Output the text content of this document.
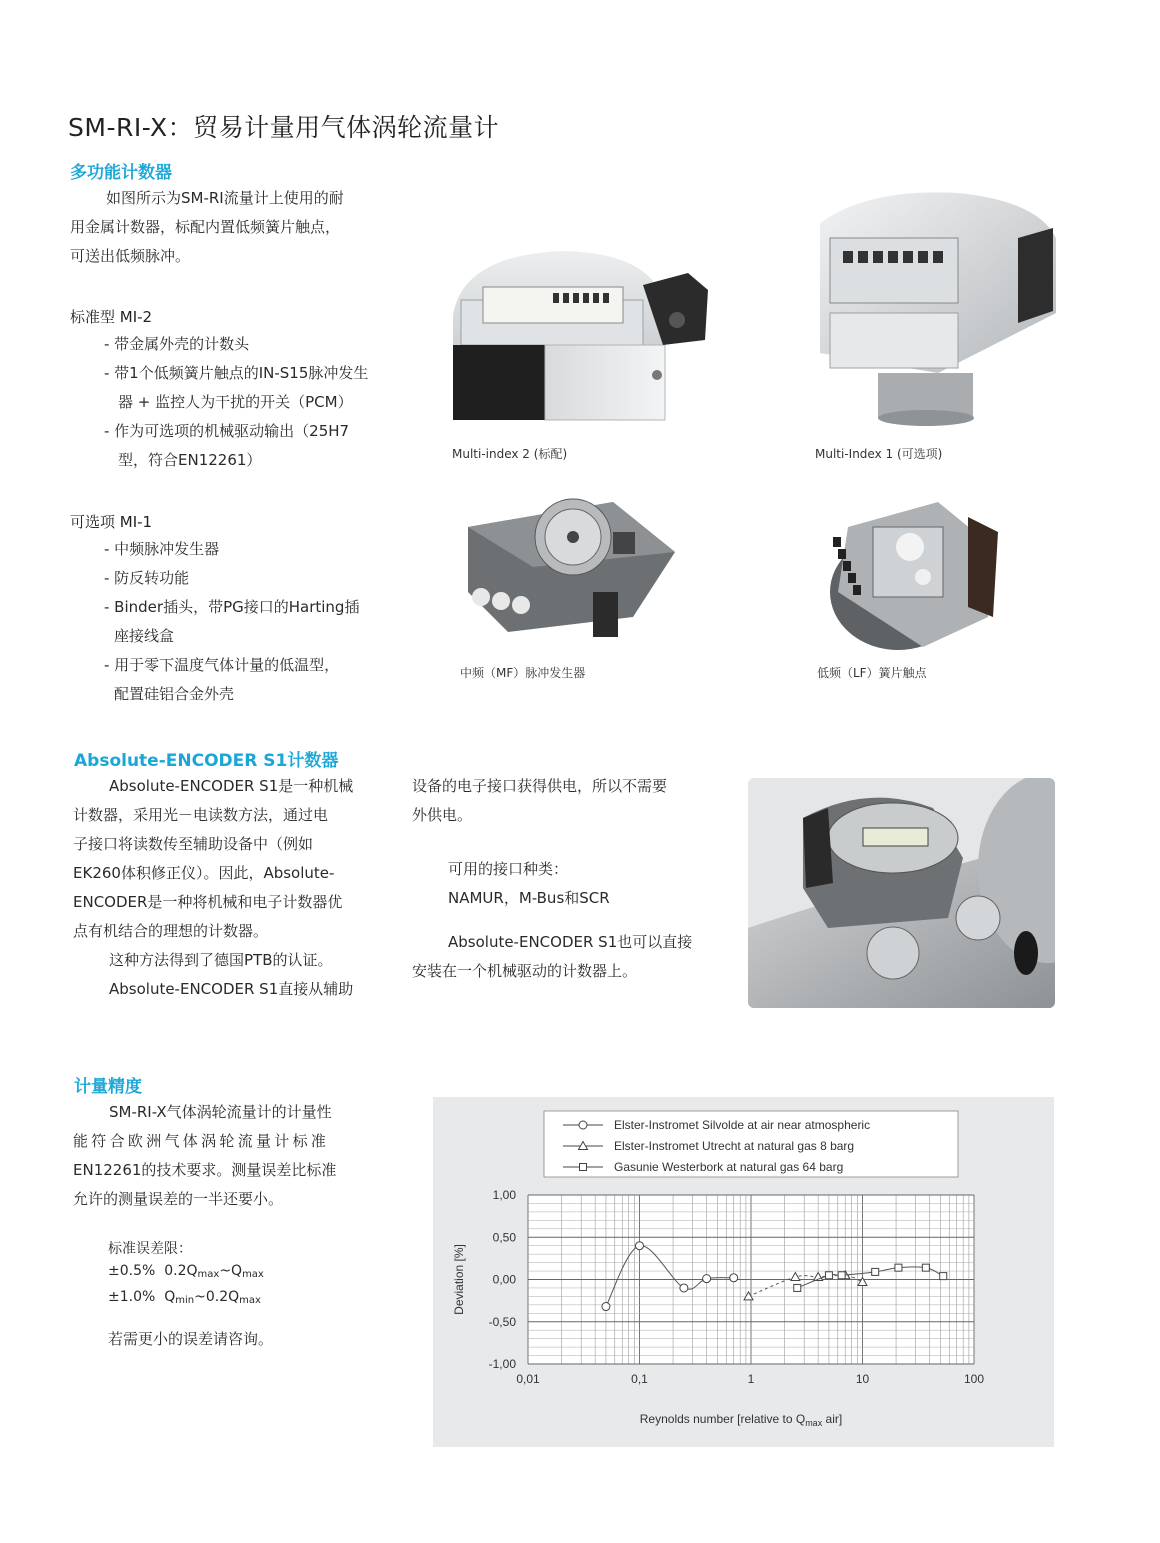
SM-RI-X：贸易计量用气体涡轮流量计
多功能计数器
如图所示为SM-RI流量计上使用的耐
用金属计数器，标配内置低频簧片触点，
可送出低频脉冲。
标准型 MI-2
- 带金属外壳的计数头
- 带1个低频簧片触点的IN-S15脉冲发生
器 + 监控人为干扰的开关（PCM）
- 作为可选项的机械驱动输出（25H7
型，符合EN12261）
可选项 MI-1
- 中频脉冲发生器
- 防反转功能
- Binder插头，带PG接口的Harting插
座接线盒
- 用于零下温度气体计量的低温型，
配置硅铝合金外壳
Multi-index 2 (标配)	Multi-Index 1 (可选项)
中频（MF）脉冲发生器	低频（LF）簧片触点
Absolute-ENCODER S1计数器
Absolute-ENCODER S1是一种机械
计数器，采用光－电读数方法，通过电
子接口将读数传至辅助设备中（例如
EK260体积修正仪）。因此，Absolute-
ENCODER是一种将机械和电子计数器优
点有机结合的理想的计数器。
这种方法得到了德国PTB的认证。
Absolute-ENCODER S1直接从辅助
设备的电子接口获得供电，所以不需要
外供电。
可用的接口种类：
NAMUR，M-Bus和SCR
Absolute-ENCODER S1也可以直接
安装在一个机械驱动的计数器上。
计量精度
SM-RI-X气体涡轮流量计的计量性
能符合欧洲气体涡轮流量计标准
EN12261的技术要求。测量误差比标准
允许的测量误差的一半还要小。
标准误差限：
±0.5% $0.2Q_{max}\sim Q_{max}$
±1.0% $Q_{min}\sim 0.2Q_{max}$
若需更小的误差请咨询。
Elster-Instromet Silvolde at air near atmospheric
Elster-Instromet Utrecht at natural gas 8 barg
Gasunie Westerbork at natural gas 64 barg
1,00
0,50
0,00
-0,50
-1,00
0,01	0,1	1	10	100
Deviation [%]
Reynolds number [relative to $Q_{max}$ air]
